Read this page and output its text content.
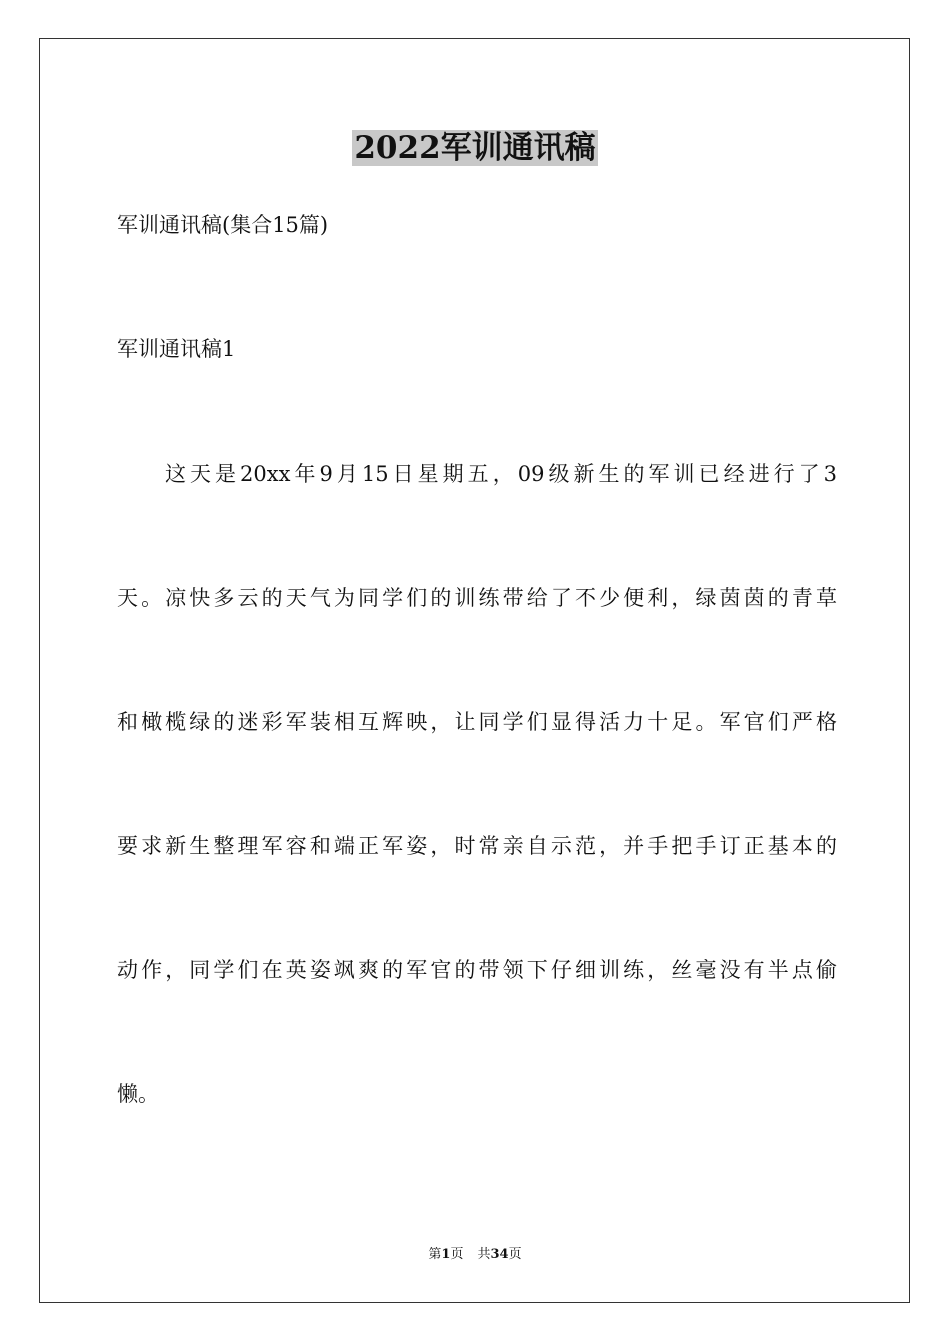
2022军训通讯稿

军训通讯稿(集合15篇)

军训通讯稿1

这天是20xx年9月15日星期五，09级新生的军训已经进行了3

天。凉快多云的天气为同学们的训练带给了不少便利，绿茵茵的青草

和橄榄绿的迷彩军装相互辉映，让同学们显得活力十足。军官们严格

要求新生整理军容和端正军姿，时常亲自示范，并手把手订正基本的

动作，同学们在英姿飒爽的军官的带领下仔细训练，丝毫没有半点偷

懒。

第1页 共34页
